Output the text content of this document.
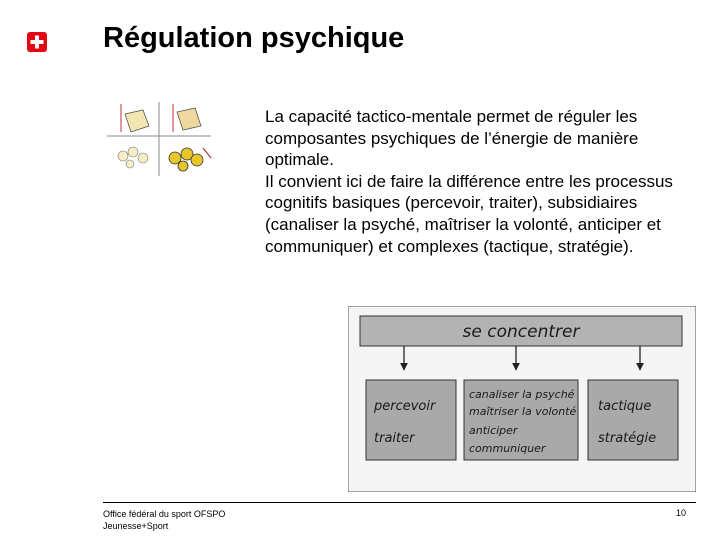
Régulation psychique

La capacité tactico-mentale permet de réguler les composantes psychiques de l’énergie de manière optimale.

Il convient ici de faire la différence entre les processus cognitifs basiques (percevoir, traiter), subsidiaires (canaliser la psyché, maîtriser la volonté, anticiper et communiquer) et complexes (tactique, stratégie).

se concentrer
percevoir
traiter
canaliser la psyché
maîtriser la volonté
anticiper
communiquer
tactique
stratégie
Office fédéral du sport OFSPO
Jeunesse+Sport
10
